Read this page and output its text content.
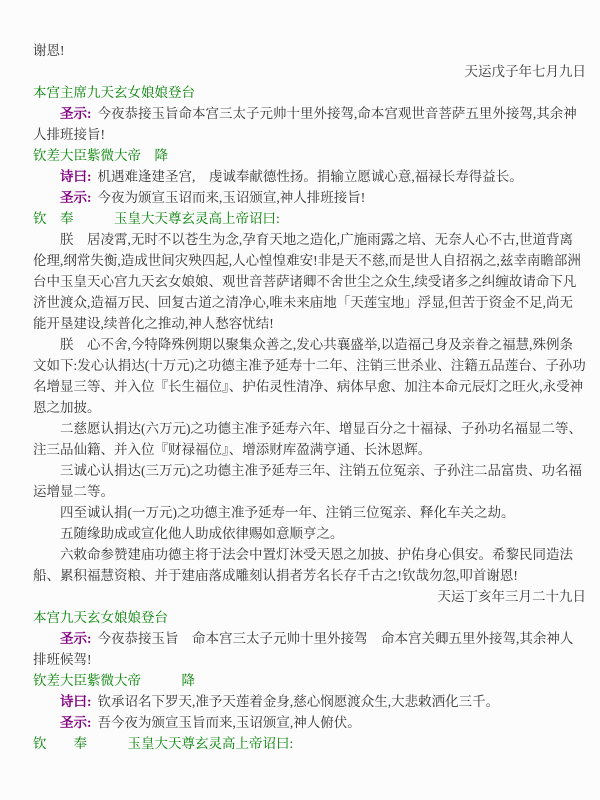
谢恩!

天运戊子年七月九日

本宫主席九天玄女娘娘登台

圣示: 今夜恭接玉旨命本宫三太子元帅十里外接驾,命本宫观世音菩萨五里外接驾,其余神人排班接旨!

钦差大臣紫微大帝　降

诗曰: 机遇难逢建圣宫,　虔诚奉献德性扬。捐输立愿诚心意,福禄长寿得益长。

圣示: 今夜为颁宣玉诏而来,玉诏颁宣,神人排班接旨!

钦　奉　　　玉皇大天尊玄灵高上帝诏曰:

朕　居凌霄,无时不以苍生为念,孕育天地之造化,广施雨露之培、无奈人心不古,世道背离伦理,纲常失衡,造成世间灾殃四起,人心惶惶难安!非是天不慈,而是世人自招祸之,兹幸南瞻部洲台中玉皇天心宫九天玄女娘娘、观世音菩萨诸卿不舍世尘之众生,续受诸多之纠缠故请命下凡济世渡众,造福万民、回复古道之清净心,唯未来庙地「天莲宝地」浮显,但苦于资金不足,尚无能开垦建设,续普化之推动,神人愁容忧结!

朕　心不舍,今特降殊例期以聚集众善之,发心共襄盛举,以造福己身及亲眷之福慧,殊例条文如下:发心认捐达(十万元)之功德主准予延寿十二年、注销三世杀业、注籍五品莲台、子孙功名增显三等、并入位『长生福位』、护佑灵性清净、病体早愈、加注本命元辰灯之旺火,永受神恩之加披。

二慈愿认捐达(六万元)之功德主准予延寿六年、增显百分之十福禄、子孙功名福显二等、注三品仙籍、并入位『财禄福位』、增添财库盈满亨通、长沐恩辉。

三诚心认捐达(三万元)之功德主准予延寿三年、注销五位冤亲、子孙注二品富贵、功名福运增显二等。

四至诚认捐(一万元)之功德主准予延寿一年、注销三位冤亲、释化车关之劫。

五随缘助成或宣化他人助成依律赐如意顺亨之。

六敕命参赞建庙功德主将于法会中置灯沐受天恩之加披、护佑身心俱安。希黎民同造法船、累积福慧资粮、并于建庙落成雕刻认捐者芳名长存千古之!钦哉勿忽,叩首谢恩!

天运丁亥年三月二十九日

本宫九天玄女娘娘登台

圣示: 今夜恭接玉旨　命本宫三太子元帅十里外接驾　命本宫关卿五里外接驾,其余神人排班候驾!

钦差大臣紫微大帝　　　降

诗曰: 钦承诏名下罗天,准予天莲着金身,慈心悯愿渡众生,大悲敕洒化三千。

圣示: 吾今夜为颁宣玉旨而来,玉诏颁宣,神人俯伏。

钦　　奉　　　玉皇大天尊玄灵高上帝诏曰:
